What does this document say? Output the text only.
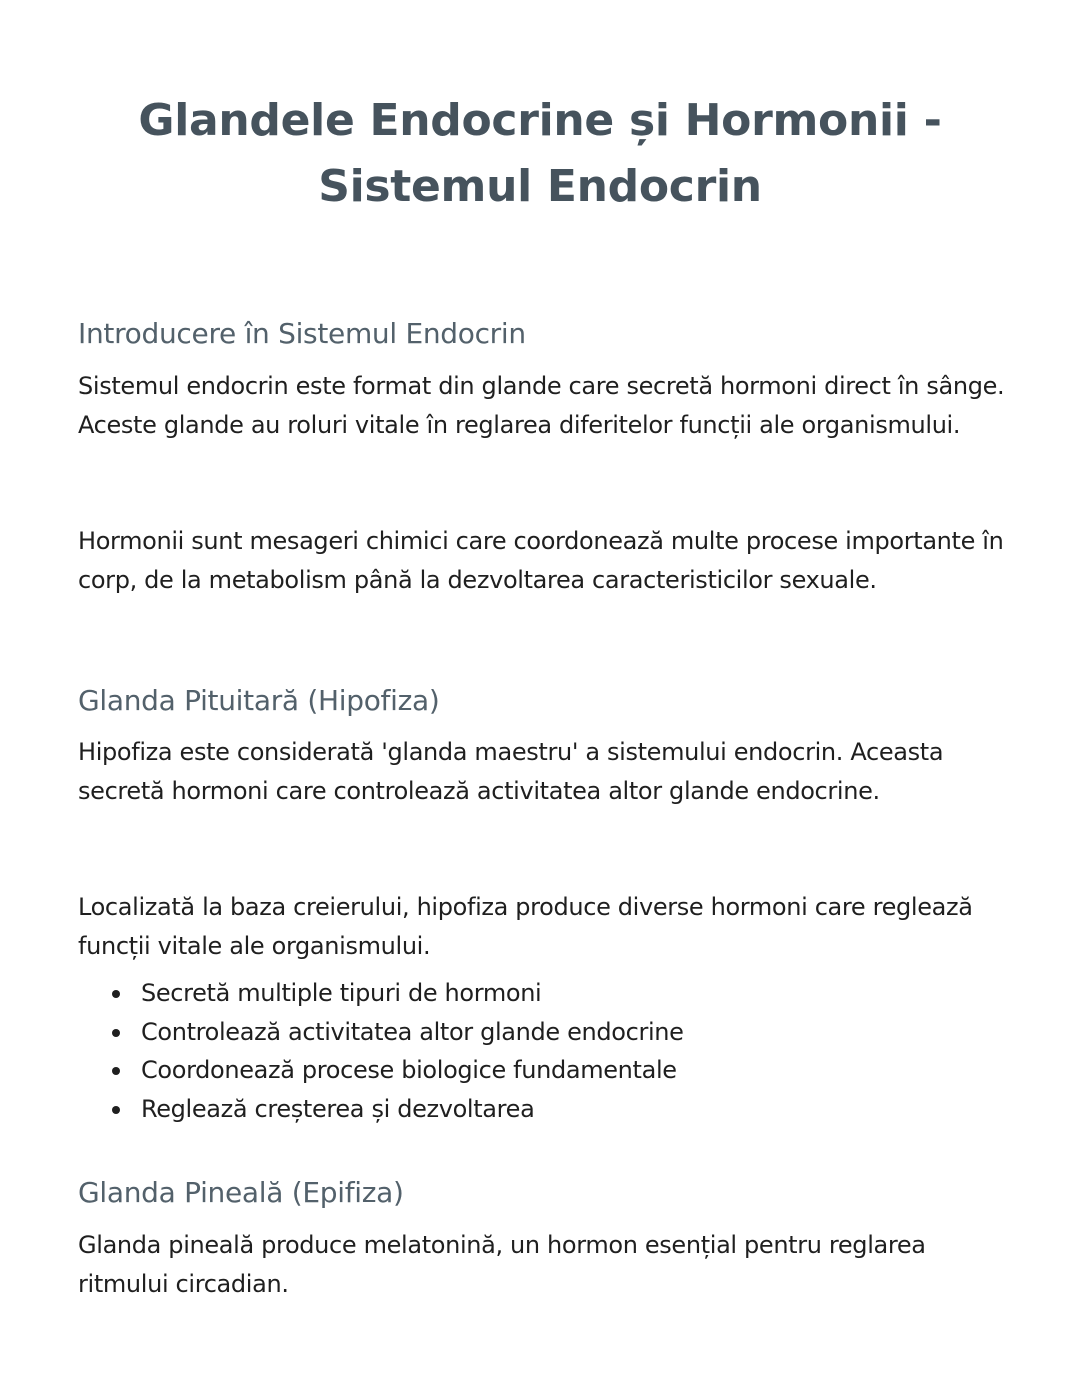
Glandele Endocrine și Hormonii -
Sistemul Endocrin
Introducere în Sistemul Endocrin

Sistemul endocrin este format din glande care secretă hormoni direct în sânge. Aceste glande au roluri vitale în reglarea diferitelor funcții ale organismului.

Hormonii sunt mesageri chimici care coordonează multe procese importante în corp, de la metabolism până la dezvoltarea caracteristicilor sexuale.

Glanda Pituitară (Hipofiza)

Hipofiza este considerată 'glanda maestru' a sistemului endocrin. Aceasta secretă hormoni care controlează activitatea altor glande endocrine.

Localizată la baza creierului, hipofiza produce diverse hormoni care reglează funcții vitale ale organismului.

Secretă multiple tipuri de hormoni
Controlează activitatea altor glande endocrine
Coordonează procese biologice fundamentale
Reglează creșterea și dezvoltarea
Glanda Pineală (Epifiza)

Glanda pineală produce melatonină, un hormon esențial pentru reglarea ritmului circadian.
